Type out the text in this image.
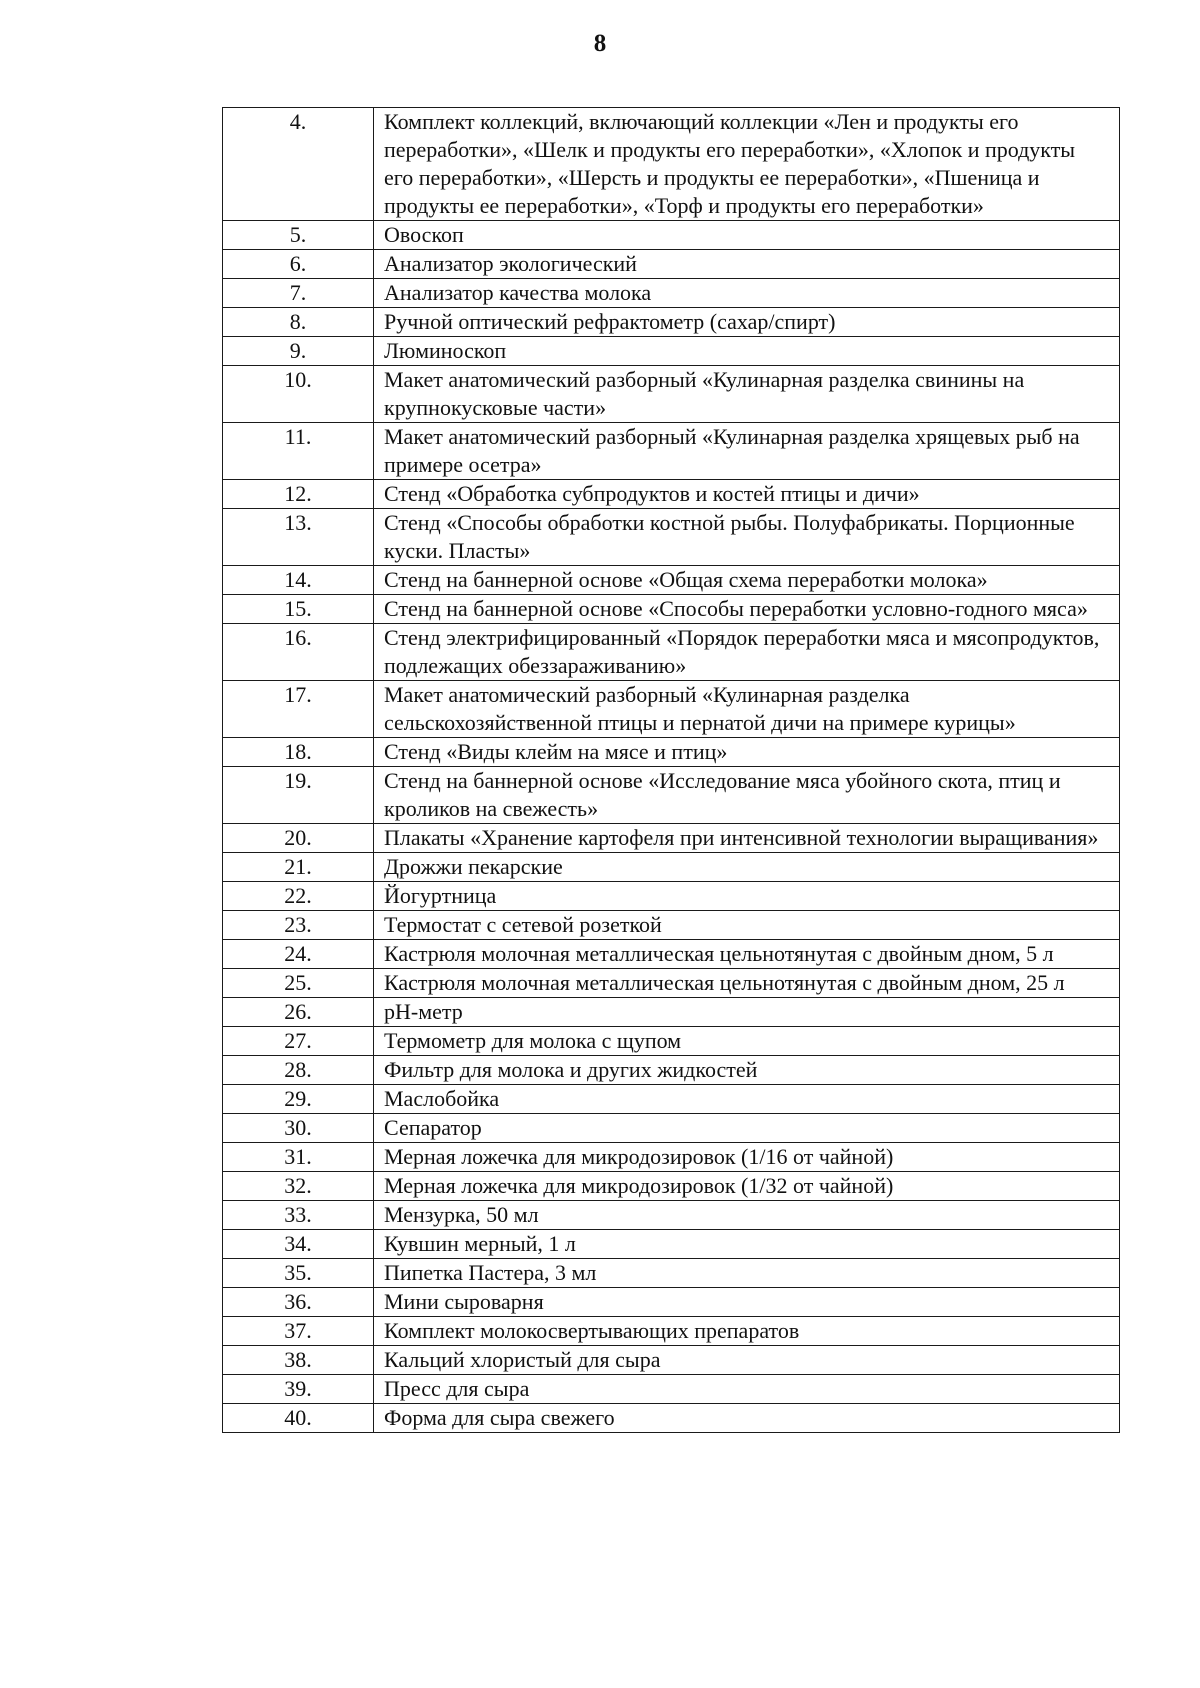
8
4.	Комплект коллекций, включающий коллекции «Лен и продукты его переработки», «Шелк и продукты его переработки», «Хлопок и продукты его переработки», «Шерсть и продукты ее переработки», «Пшеница и продукты ее переработки», «Торф и продукты его переработки»
5.	Овоскоп
6.	Анализатор экологический
7.	Анализатор качества молока
8.	Ручной оптический рефрактометр (сахар/спирт)
9.	Люминоскоп
10.	Макет анатомический разборный «Кулинарная разделка свинины на крупнокусковые части»
11.	Макет анатомический разборный «Кулинарная разделка хрящевых рыб на примере осетра»
12.	Стенд «Обработка субпродуктов и костей птицы и дичи»
13.	Стенд «Способы обработки костной рыбы. Полуфабрикаты. Порционные куски. Пласты»
14.	Стенд на баннерной основе «Общая схема переработки молока»
15.	Стенд на баннерной основе «Способы переработки условно-годного мяса»
16.	Стенд электрифицированный «Порядок переработки мяса и мясопродуктов, подлежащих обеззараживанию»
17.	Макет анатомический разборный «Кулинарная разделка сельскохозяйственной птицы и пернатой дичи на примере курицы»
18.	Стенд «Виды клейм на мясе и птиц»
19.	Стенд на баннерной основе «Исследование мяса убойного скота, птиц и кроликов на свежесть»
20.	Плакаты «Хранение картофеля при интенсивной технологии выращивания»
21.	Дрожжи пекарские
22.	Йогуртница
23.	Термостат с сетевой розеткой
24.	Кастрюля молочная металлическая цельнотянутая с двойным дном, 5 л
25.	Кастрюля молочная металлическая цельнотянутая с двойным дном, 25 л
26.	pH-метр
27.	Термометр для молока с щупом
28.	Фильтр для молока и других жидкостей
29.	Маслобойка
30.	Сепаратор
31.	Мерная ложечка для микродозировок (1/16 от чайной)
32.	Мерная ложечка для микродозировок (1/32 от чайной)
33.	Мензурка, 50 мл
34.	Кувшин мерный, 1 л
35.	Пипетка Пастера, 3 мл
36.	Мини сыроварня
37.	Комплект молокосвертывающих препаратов
38.	Кальций хлористый для сыра
39.	Пресс для сыра
40.	Форма для сыра свежего
